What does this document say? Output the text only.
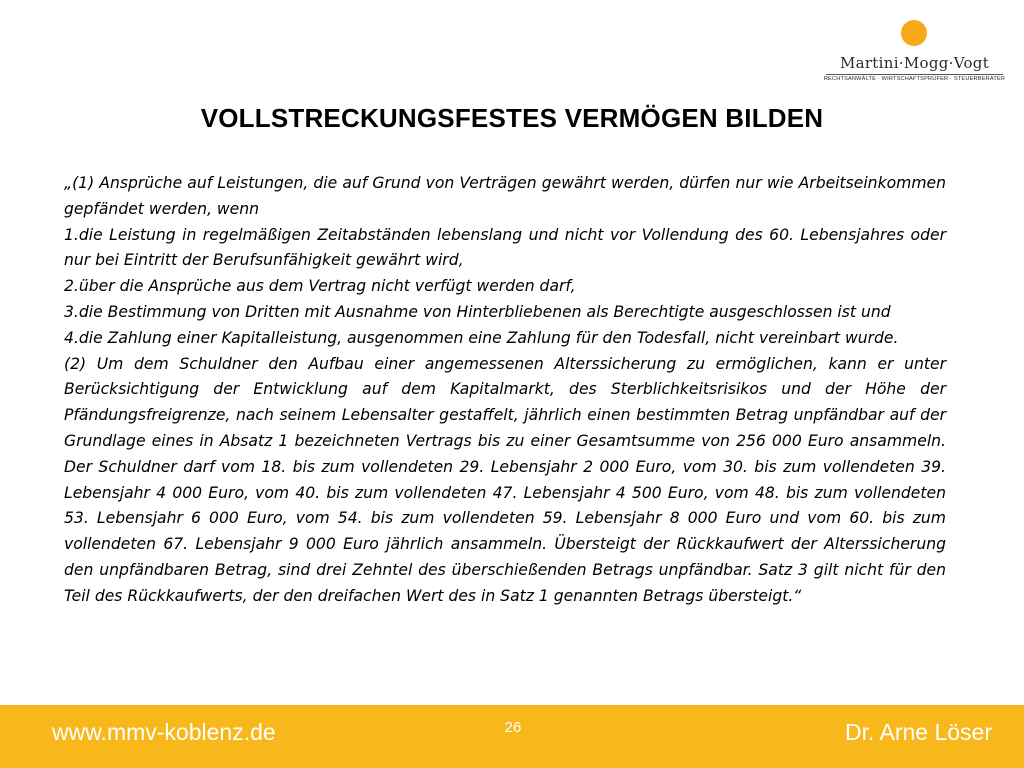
Martini·Mogg·Vogt
RECHTSANWÄLTE · WIRTSCHAFTSPRÜFER · STEUERBERATER
VOLLSTRECKUNGSFESTES VERMÖGEN BILDEN

„(1) Ansprüche auf Leistungen, die auf Grund von Verträgen gewährt werden, dürfen nur wie Arbeitseinkommen gepfändet werden, wenn

1.die Leistung in regelmäßigen Zeitabständen lebenslang und nicht vor Vollendung des 60. Lebensjahres oder nur bei Eintritt der Berufsunfähigkeit gewährt wird,

2.über die Ansprüche aus dem Vertrag nicht verfügt werden darf,

3.die Bestimmung von Dritten mit Ausnahme von Hinterbliebenen als Berechtigte ausgeschlossen ist und

4.die Zahlung einer Kapitalleistung, ausgenommen eine Zahlung für den Todesfall, nicht vereinbart wurde.

(2) Um dem Schuldner den Aufbau einer angemessenen Alterssicherung zu ermöglichen, kann er unter Berücksichtigung der Entwicklung auf dem Kapitalmarkt, des Sterblichkeitsrisikos und der Höhe der Pfändungsfreigrenze, nach seinem Lebensalter gestaffelt, jährlich einen bestimmten Betrag unpfändbar auf der Grundlage eines in Absatz 1 bezeichneten Vertrags bis zu einer Gesamtsumme von 256 000 Euro ansammeln. Der Schuldner darf vom 18. bis zum vollendeten 29. Lebensjahr 2 000 Euro, vom 30. bis zum vollendeten 39. Lebensjahr 4 000 Euro, vom 40. bis zum vollendeten 47. Lebensjahr 4 500 Euro, vom 48. bis zum vollendeten 53. Lebensjahr 6 000 Euro, vom 54. bis zum vollendeten 59. Lebensjahr 8 000 Euro und vom 60. bis zum vollendeten 67. Lebensjahr 9 000 Euro jährlich ansammeln. Übersteigt der Rückkaufwert der Alterssicherung den unpfändbaren Betrag, sind drei Zehntel des überschießenden Betrags unpfändbar. Satz 3 gilt nicht für den Teil des Rückkaufwerts, der den dreifachen Wert des in Satz 1 genannten Betrags übersteigt.“

www.mmv-koblenz.de	26	Dr. Arne Löser
